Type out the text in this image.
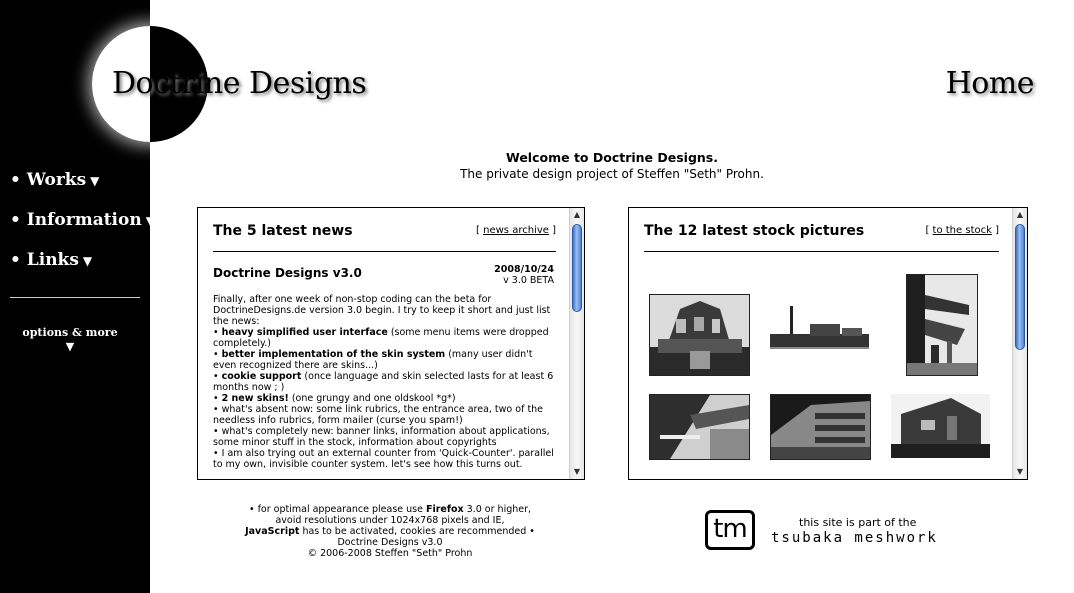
• Works ▼
• Information ▼
• Links ▼
options & more
▼
Doctrine Designs	Home
Welcome to Doctrine Designs.
The private design project of Steffen "Seth" Prohn.
The 5 latest news	[ news archive ]
Doctrine Designs v3.0	2008/10/24
v 3.0 BETA

Finally, after one week of non-stop coding can the beta for DoctrineDesigns.de version 3.0 begin. I try to keep it short and just list the news:

• heavy simplified user interface (some menu items were dropped completely.)

• better implementation of the skin system (many user didn't even recognized there are skins...)

• cookie support (once language and skin selected lasts for at least 6 months now ; )

• 2 new skins! (one grungy and one oldskool *g*)

• what's absent now: some link rubrics, the entrance area, two of the needless info rubrics, form mailer (curse you spam!)

• what's completely new: banner links, information about applications, some minor stuff in the stock, information about copyrights

• I am also trying out an external counter from 'Quick-Counter'. parallel to my own, invisible counter system. let's see how this turns out.

▲
▼
The 12 latest stock pictures	[ to the stock ]
▲
▼
• for optimal appearance please use Firefox 3.0 or higher,
avoid resolutions under 1024x768 pixels and IE,
JavaScript has to be activated, cookies are recommended •
Doctrine Designs v3.0
© 2006-2008 Steffen "Seth" Prohn
tm	this site is part of the
tsubaka meshwork
